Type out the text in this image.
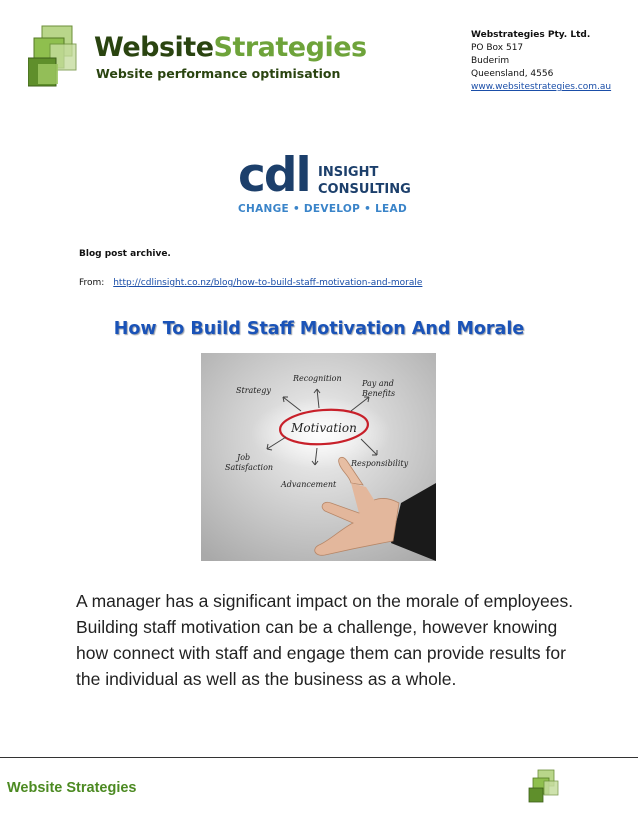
WebsiteStrategies
Website performance optimisation
Webstrategies Pty. Ltd.
PO Box 517
Buderim
Queensland, 4556
www.websitestrategies.com.au
cdl INSIGHT
CONSULTING
CHANGE • DEVELOP • LEAD
Blog post archive.
From: http://cdlinsight.co.nz/blog/how-to-build-staff-motivation-and-morale
How To Build Staff Motivation And Morale
Motivation
Strategy
Recognition
Pay and
Benefits
Job
Satisfaction
Advancement
Responsibility
A manager has a significant impact on the morale of employees. Building staff motivation can be a challenge, however knowing how connect with staff and engage them can provide results for the individual as well as the business as a whole.
Website Strategies
